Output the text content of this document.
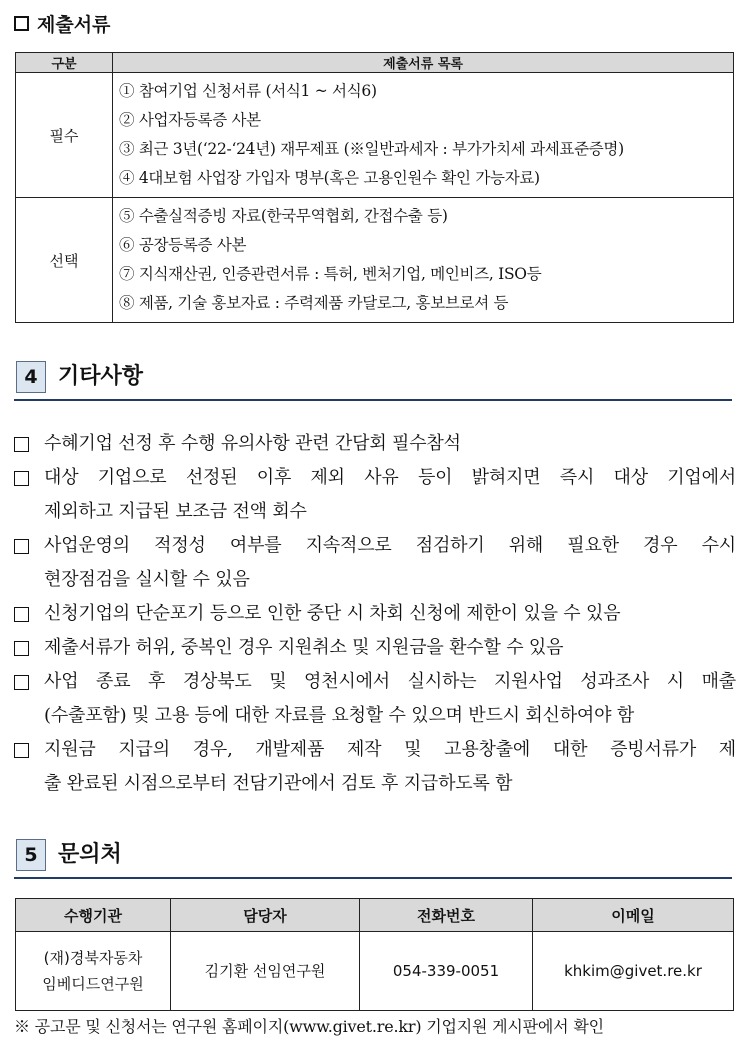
제출서류
구분	제출서류 목록
필수	① 참여기업 신청서류 (서식1 ~ 서식6)
② 사업자등록증 사본
③ 최근 3년(‘22-‘24년) 재무제표 (※일반과세자 : 부가가치세 과세표준증명)
④ 4대보험 사업장 가입자 명부(혹은 고용인원수 확인 가능자료)

선택	⑤ 수출실적증빙 자료(한국무역협회, 간접수출 등)
⑥ 공장등록증 사본
⑦ 지식재산권, 인증관련서류 : 특허, 벤처기업, 메인비즈, ISO등
⑧ 제품, 기술 홍보자료 : 주력제품 카달로그, 홍보브로셔 등
4 기타사항
수혜기업 선정 후 수행 유의사항 관련 간담회 필수참석
대상 기업으로 선정된 이후 제외 사유 등이 밝혀지면 즉시 대상 기업에서
제외하고 지급된 보조금 전액 회수
사업운영의 적정성 여부를 지속적으로 점검하기 위해 필요한 경우 수시
현장점검을 실시할 수 있음
신청기업의 단순포기 등으로 인한 중단 시 차회 신청에 제한이 있을 수 있음
제출서류가 허위, 중복인 경우 지원취소 및 지원금을 환수할 수 있음
사업 종료 후 경상북도 및 영천시에서 실시하는 지원사업 성과조사 시 매출
(수출포함) 및 고용 등에 대한 자료를 요청할 수 있으며 반드시 회신하여야 함
지원금 지급의 경우, 개발제품 제작 및 고용창출에 대한 증빙서류가 제
출 완료된 시점으로부터 전담기관에서 검토 후 지급하도록 함
5 문의처
수행기관	담당자	전화번호	이메일

(재)경북자동차
임베디드연구원	김기환 선임연구원	054-339-0051	khkim@givet.re.kr
※ 공고문 및 신청서는 연구원 홈페이지(www.givet.re.kr) 기업지원 게시판에서 확인
